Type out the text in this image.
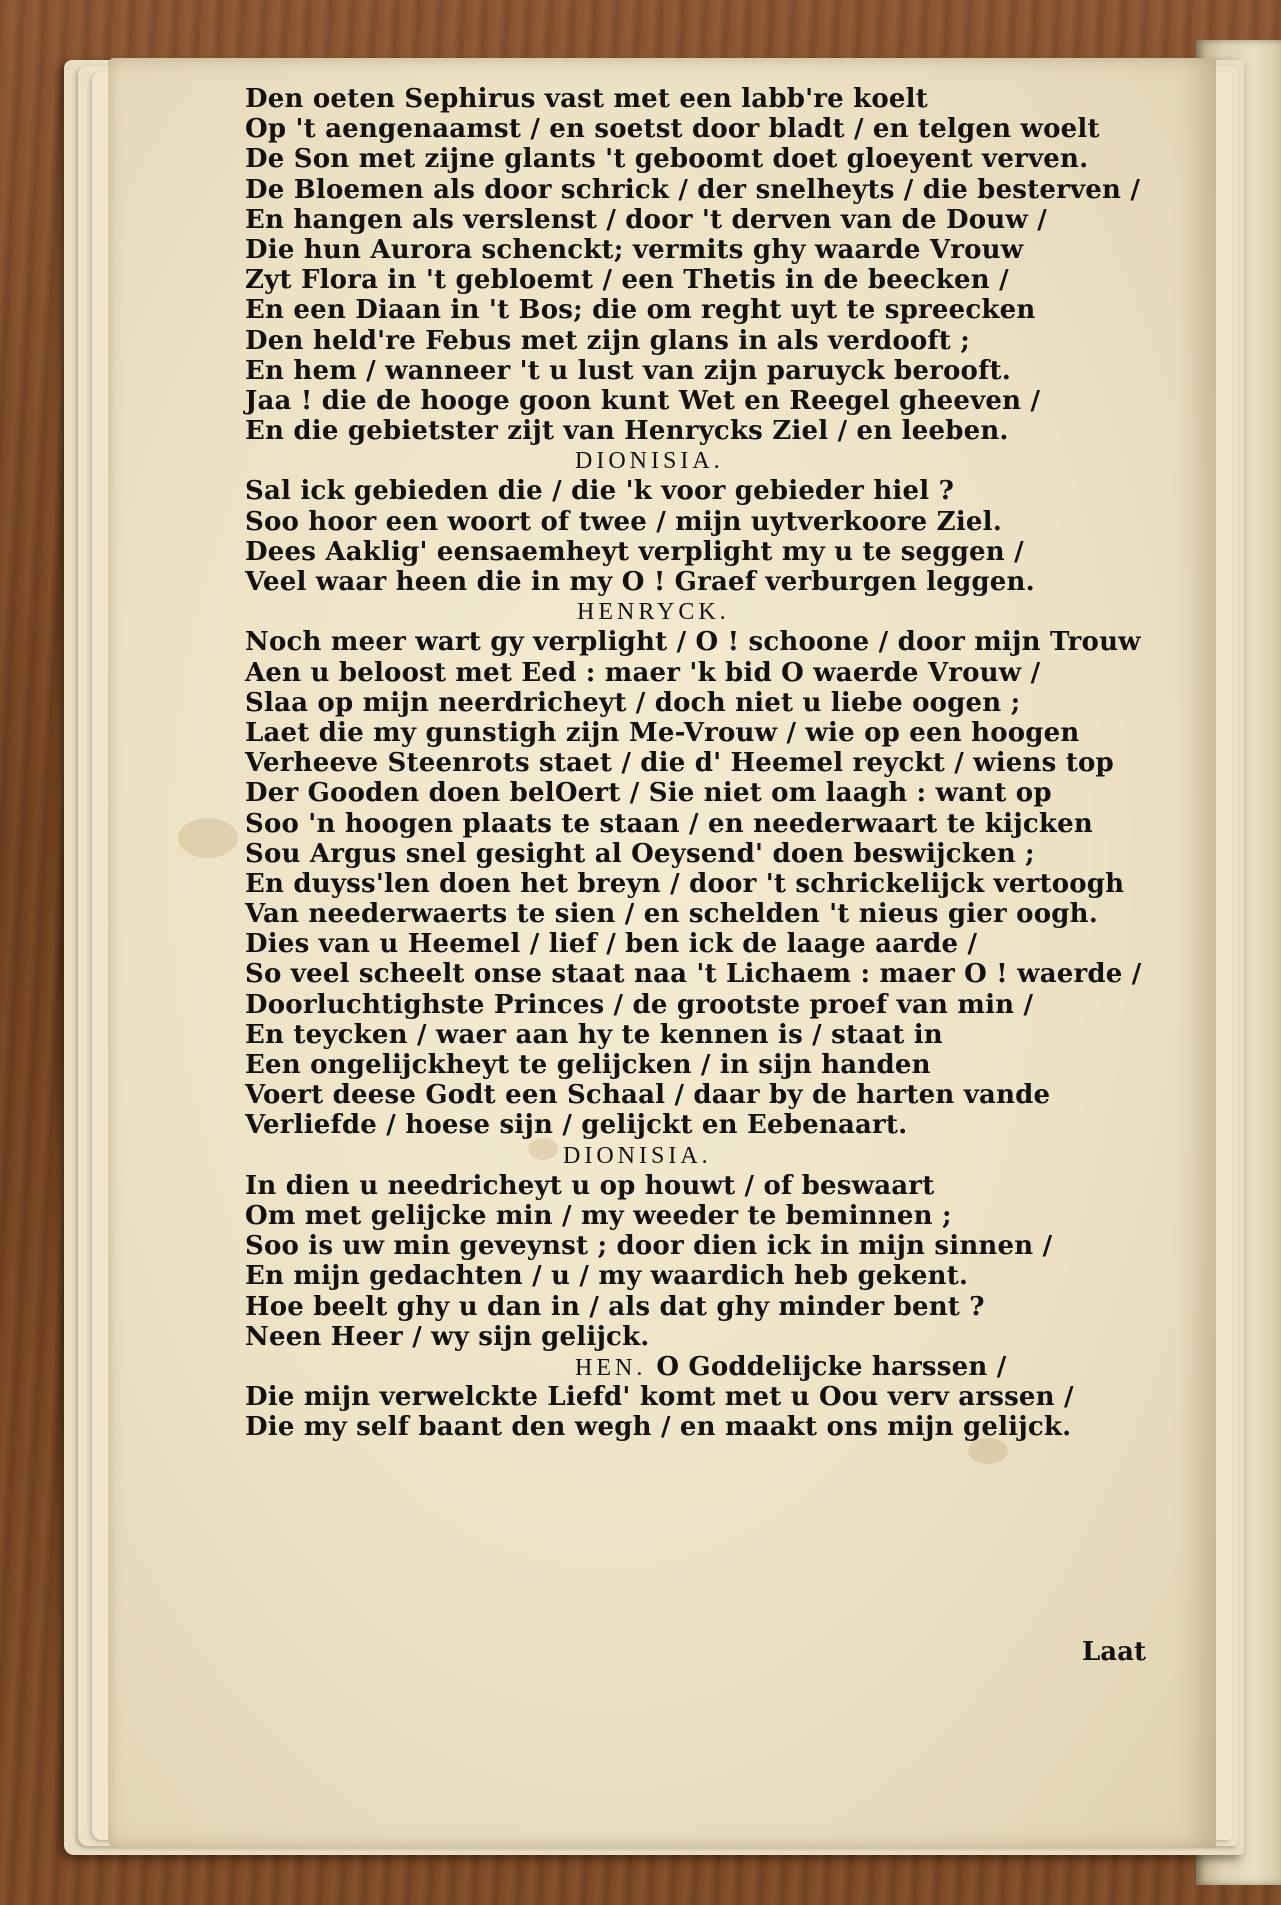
Den oeten Sephirus vast met een labb're koelt
Op 't aengenaamst / en soetst door bladt / en telgen woelt
De Son met zijne glants 't geboomt doet gloeyent verven.
De Bloemen als door schrick / der snelheyts / die besterven /
En hangen als verslenst / door 't derven van de Douw /
Die hun Aurora schenckt; vermits ghy waarde Vrouw
Zyt Flora in 't gebloemt / een Thetis in de beecken /
En een Diaan in 't Bos; die om reght uyt te spreecken
Den held're Febus met zijn glans in als verdooft ;
En hem / wanneer 't u lust van zijn paruyck berooft.
Jaa ! die de hooge goon kunt Wet en Reegel gheeven /
En die gebietster zijt van Henrycks Ziel / en leeben.
DIONISIA.
Sal ick gebieden die / die 'k voor gebieder hiel ?
Soo hoor een woort of twee / mijn uytverkoore Ziel.
Dees Aaklig' eensaemheyt verplight my u te seggen /
Veel waar heen die in my O ! Graef verburgen leggen.
HENRYCK.
Noch meer wart gy verplight / O ! schoone / door mijn Trouw
Aen u beloost met Eed : maer 'k bid O waerde Vrouw /
Slaa op mijn neerdrichеyt / doch niet u liebe oogen ;
Laet die my gunstigh zijn Me-Vrouw / wie op een hoogen
Verheeve Steenrots staet / die d' Heemel reyckt / wiens top
Der Gooden doen belOert / Sie niet om laagh : want op
Soo 'n hoogen plaats te staan / en neederwaart te kijcken
Sou Argus snel gesight al Oeysend' doen beswijcken ;
En duyss'len doen het breyn / door 't schrickelijck vertoogh
Van neederwaerts te sien / en schelden 't nieus gier oogh.
Dies van u Heemel / lief / ben ick de laage aarde /
So veel scheelt onse staat naa 't Lichaem : maer O ! waerde /
Doorluchtighste Princes / de grootste proef van min /
En teycken / waer aan hy te kennen is / staat in
Een ongelijckheyt te gelijcken / in sijn handen
Voert deese Godt een Schaal / daar by de harten vande
Verliefde / hoese sijn / gelijckt en Eebenaart.
DIONISIA.
In dien u needrichеyt u op houwt / of beswaart
Om met gelijcke min / my weeder te beminnen ;
Soo is uw min geveynst ; door dien ick in mijn sinnen /
En mijn gedachten / u / my waardich heb gekent.
Hoe beelt ghy u dan in / als dat ghy minder bent ?
Neen Heer / wy sijn gelijck.
HEN. O Goddelijcke harssen /
Die mijn verwelckte Liefd' komt met u Oou verv arssen /
Die my self baant den wegh / en maakt ons mijn gelijck.
Laat
